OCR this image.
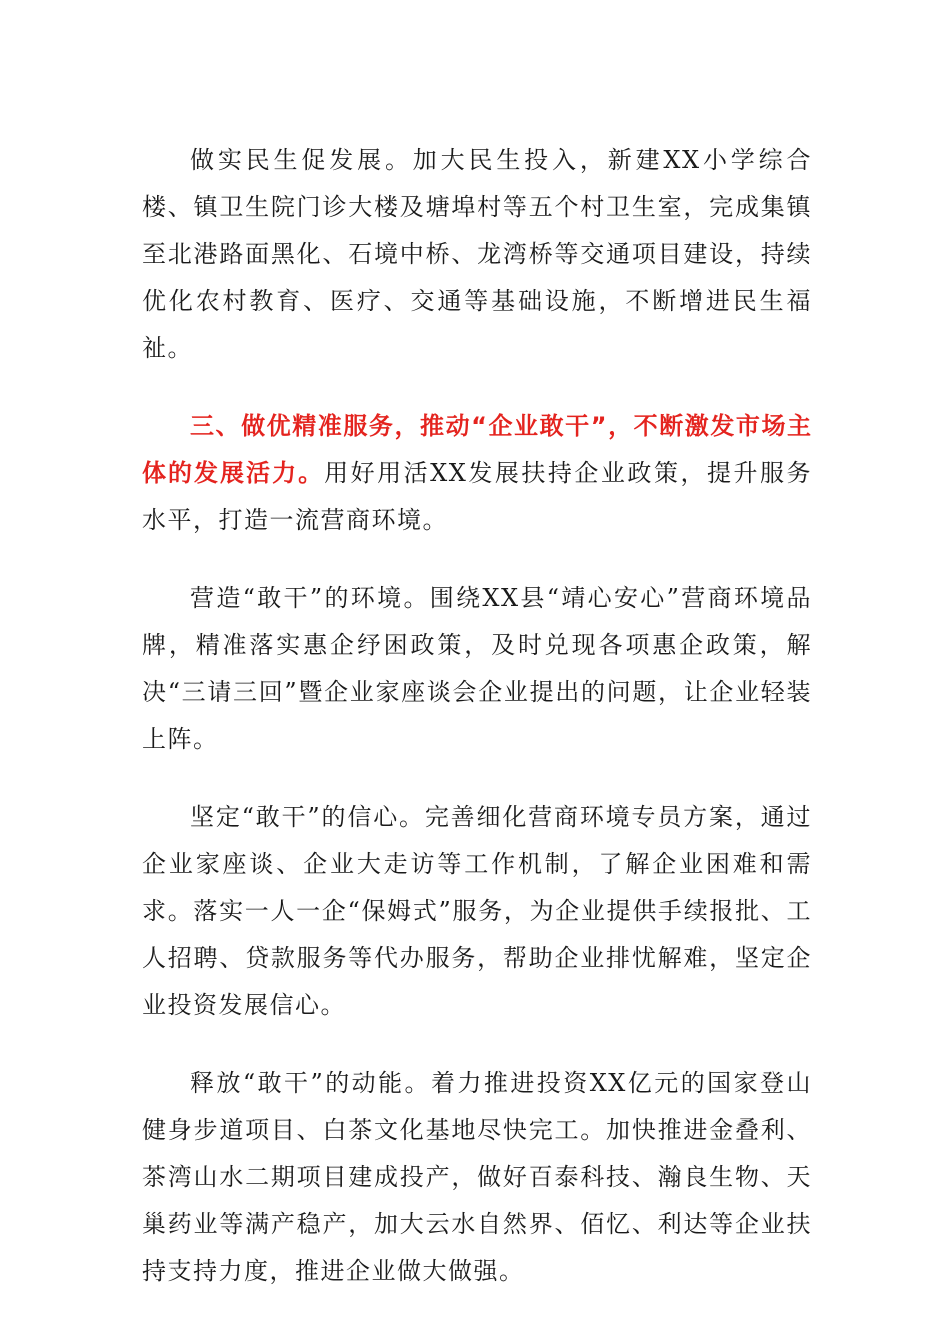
做实民生促发展。加大民生投入，新建XX小学综合楼、镇卫生院门诊大楼及塘埠村等五个村卫生室，完成集镇至北港路面黑化、石境中桥、龙湾桥等交通项目建设，持续优化农村教育、医疗、交通等基础设施，不断增进民生福祉。

三、做优精准服务，推动“企业敢干”，不断激发市场主体的发展活力。用好用活XX发展扶持企业政策，提升服务水平，打造一流营商环境。

营造“敢干”的环境。围绕XX县“靖心安心”营商环境品牌，精准落实惠企纾困政策，及时兑现各项惠企政策，解决“三请三回”暨企业家座谈会企业提出的问题，让企业轻装上阵。

坚定“敢干”的信心。完善细化营商环境专员方案，通过企业家座谈、企业大走访等工作机制，了解企业困难和需求。落实一人一企“保姆式”服务，为企业提供手续报批、工人招聘、贷款服务等代办服务，帮助企业排忧解难，坚定企业投资发展信心。

释放“敢干”的动能。着力推进投资XX亿元的国家登山健身步道项目、白茶文化基地尽快完工。加快推进金叠利、茶湾山水二期项目建成投产，做好百泰科技、瀚良生物、天巢药业等满产稳产，加大云水自然界、佰忆、利达等企业扶持支持力度，推进企业做大做强。
